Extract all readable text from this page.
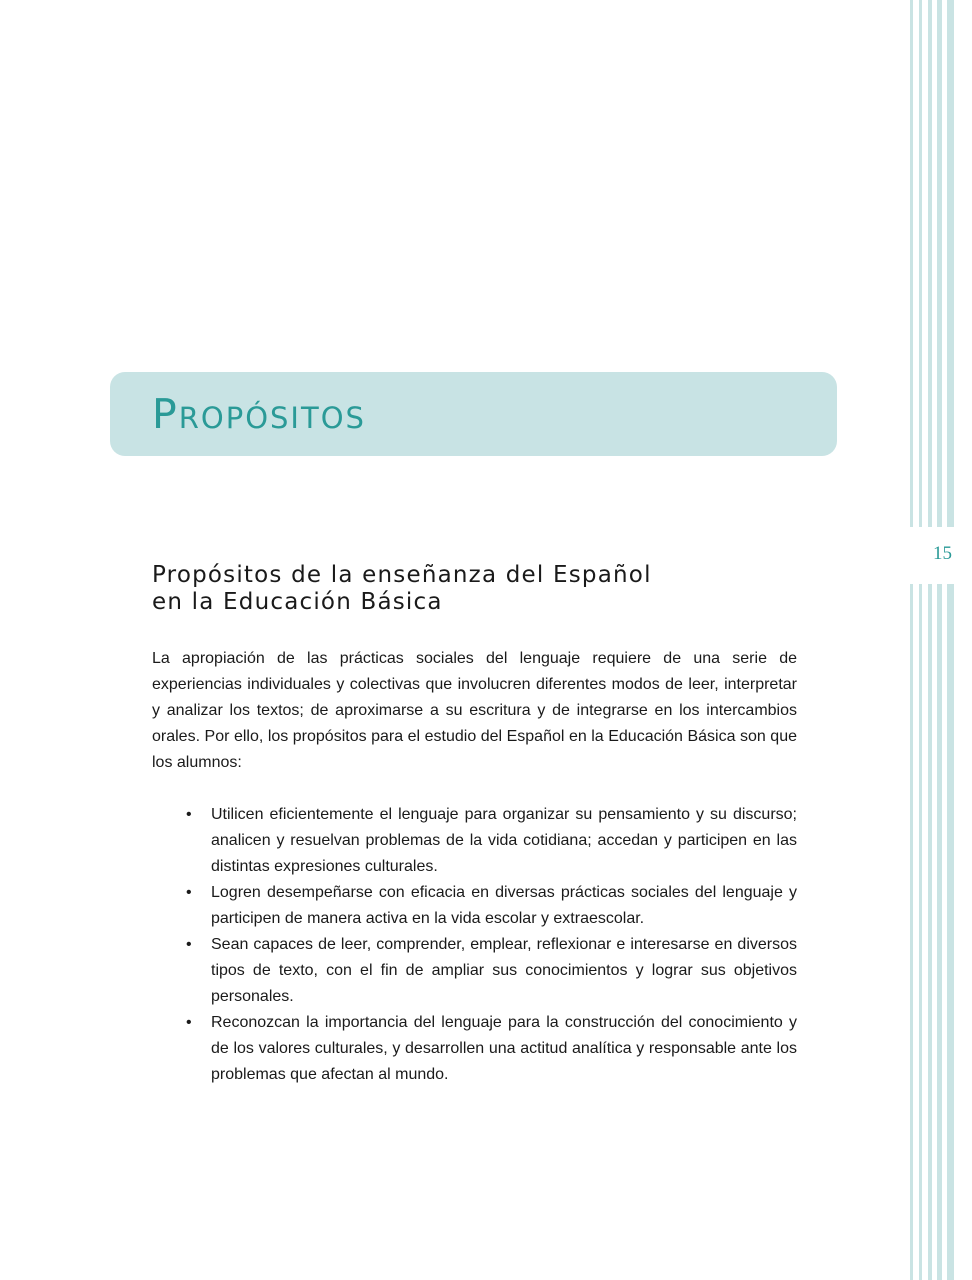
15
Propósitos
Propósitos de la enseñanza del Español
en la Educación Básica

La apropiación de las prácticas sociales del lenguaje requiere de una serie de experiencias individuales y colectivas que involucren diferentes modos de leer, interpretar y analizar los textos; de aproximarse a su escritura y de integrarse en los intercambios orales. Por ello, los propósitos para el estudio del Español en la Educación Básica son que los alumnos:

• Utilicen eficientemente el lenguaje para organizar su pensamiento y su discurso; analicen y resuelvan problemas de la vida cotidiana; accedan y participen en las distintas expresiones culturales.
• Logren desempeñarse con eficacia en diversas prácticas sociales del lenguaje y participen de manera activa en la vida escolar y extraescolar.
• Sean capaces de leer, comprender, emplear, reflexionar e interesarse en diversos tipos de texto, con el fin de ampliar sus conocimientos y lograr sus objetivos personales.
• Reconozcan la importancia del lenguaje para la construcción del conocimiento y de los valores culturales, y desarrollen una actitud analítica y responsable ante los problemas que afectan al mundo.
